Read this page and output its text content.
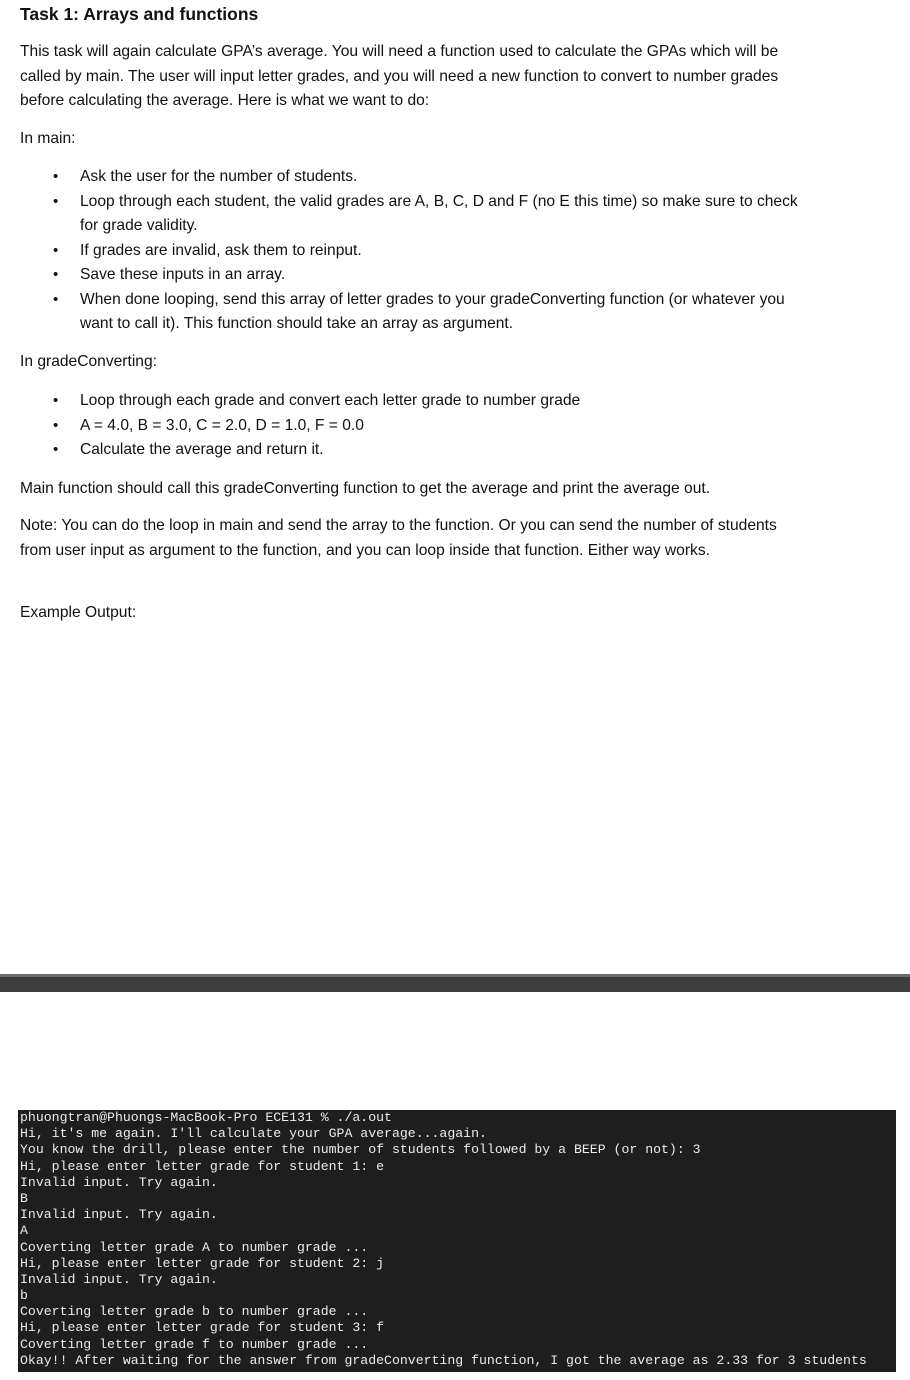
Task 1: Arrays and functions
This task will again calculate GPA’s average. You will need a function used to calculate the GPAs which will be called by main. The user will input letter grades, and you will need a new function to convert to number grades before calculating the average. Here is what we want to do:
In main:
• Ask the user for the number of students.
• Loop through each student, the valid grades are A, B, C, D and F (no E this time) so make sure to check for grade validity.
• If grades are invalid, ask them to reinput.
• Save these inputs in an array.
• When done looping, send this array of letter grades to your gradeConverting function (or whatever you want to call it). This function should take an array as argument.
In gradeConverting:
• Loop through each grade and convert each letter grade to number grade
• A = 4.0, B = 3.0, C = 2.0, D = 1.0, F = 0.0
• Calculate the average and return it.
Main function should call this gradeConverting function to get the average and print the average out.
Note: You can do the loop in main and send the array to the function. Or you can send the number of students from user input as argument to the function, and you can loop inside that function. Either way works.
Example Output:
phuongtran@Phuongs-MacBook-Pro ECE131 % ./a.out
Hi, it's me again. I'll calculate your GPA average...again.
You know the drill, please enter the number of students followed by a BEEP (or not): 3
Hi, please enter letter grade for student 1: e
Invalid input. Try again.
B
Invalid input. Try again.
A
Coverting letter grade A to number grade ...
Hi, please enter letter grade for student 2: j
Invalid input. Try again.
b
Coverting letter grade b to number grade ...
Hi, please enter letter grade for student 3: f
Coverting letter grade f to number grade ...
Okay!! After waiting for the answer from gradeConverting function, I got the average as 2.33 for 3 students
